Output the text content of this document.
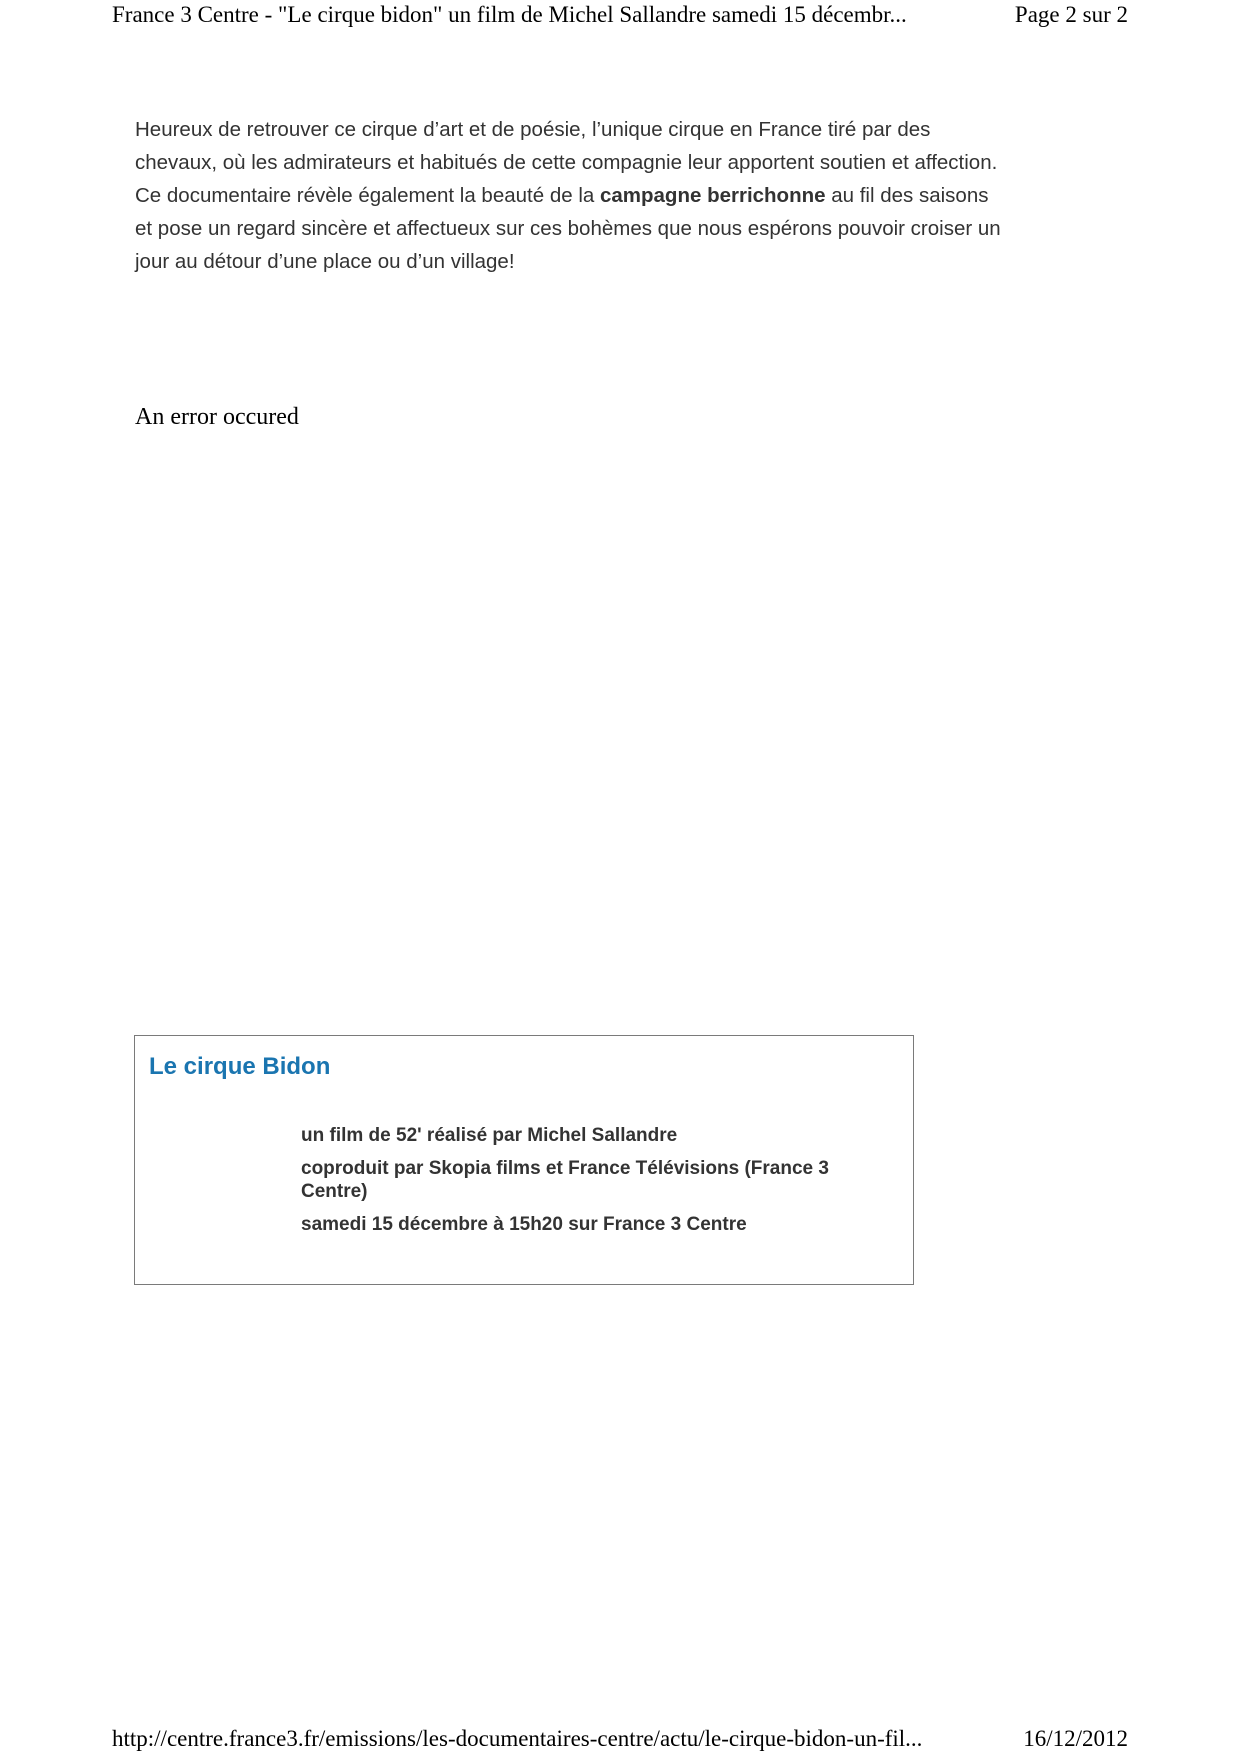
France 3 Centre - "Le cirque bidon" un film de Michel Sallandre samedi 15 décembr...	Page 2 sur 2

Heureux de retrouver ce cirque d’art et de poésie, l’unique cirque en France tiré par des chevaux, où les admirateurs et habitués de cette compagnie leur apportent soutien et affection.

Ce documentaire révèle également la beauté de la campagne berrichonne au fil des saisons et pose un regard sincère et affectueux sur ces bohèmes que nous espérons pouvoir croiser un jour au détour d’une place ou d’un village!

An error occured
Le cirque Bidon
un film de 52' réalisé par Michel Sallandre
coproduit par Skopia films et France Télévisions (France 3 Centre)
samedi 15 décembre à 15h20 sur France 3 Centre
http://centre.france3.fr/emissions/les-documentaires-centre/actu/le-cirque-bidon-un-fil...	16/12/2012
